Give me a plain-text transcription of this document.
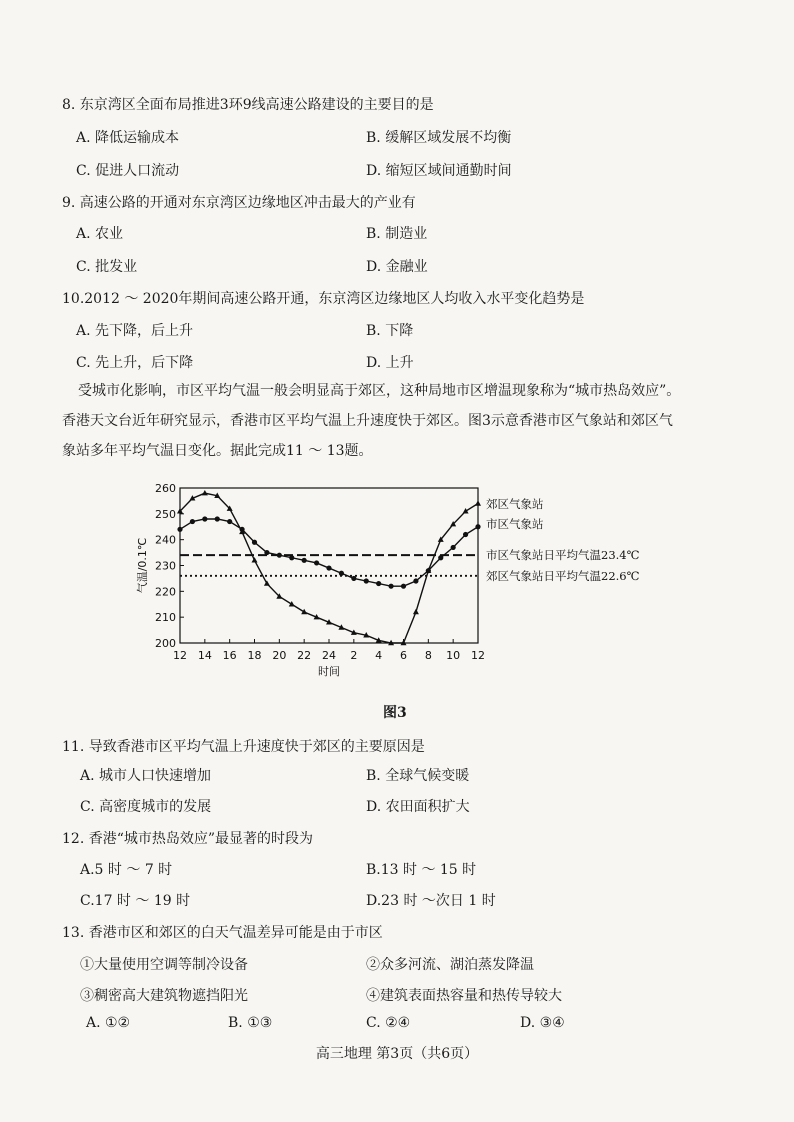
8. 东京湾区全面布局推进3环9线高速公路建设的主要目的是
A. 降低运输成本	B. 缓解区域发展不均衡
C. 促进人口流动	D. 缩短区域间通勤时间
9. 高速公路的开通对东京湾区边缘地区冲击最大的产业有
A. 农业	B. 制造业
C. 批发业	D. 金融业
10.2012 ～ 2020年期间高速公路开通，东京湾区边缘地区人均收入水平变化趋势是
A. 先下降，后上升	B. 下降
C. 先上升，后下降	D. 上升
受城市化影响，市区平均气温一般会明显高于郊区，这种局地市区增温现象称为“城市热岛效应”。
香港天文台近年研究显示，香港市区平均气温上升速度快于郊区。图3示意香港市区气象站和郊区气
象站多年平均气温日变化。据此完成11 ～ 13题。
200
210
220
230
240
250
260
12 14 16 18 20 22 24 2 4 6 8 10 12
时间
气温/0.1℃	市区气象站日平均气温23.4℃
郊区气象站日平均气温22.6℃
郊区气象站
市区气象站
图3
11. 导致香港市区平均气温上升速度快于郊区的主要原因是
A. 城市人口快速增加	B. 全球气候变暖
C. 高密度城市的发展	D. 农田面积扩大
12. 香港“城市热岛效应”最显著的时段为
A.5 时 ～ 7 时	B.13 时 ～ 15 时
C.17 时 ～ 19 时	D.23 时 ～次日 1 时
13. 香港市区和郊区的白天气温差异可能是由于市区
①大量使用空调等制冷设备	②众多河流、湖泊蒸发降温
③稠密高大建筑物遮挡阳光	④建筑表面热容量和热传导较大
A. ①②	B. ①③	C. ②④	D. ③④
高三地理 第3页（共6页）
